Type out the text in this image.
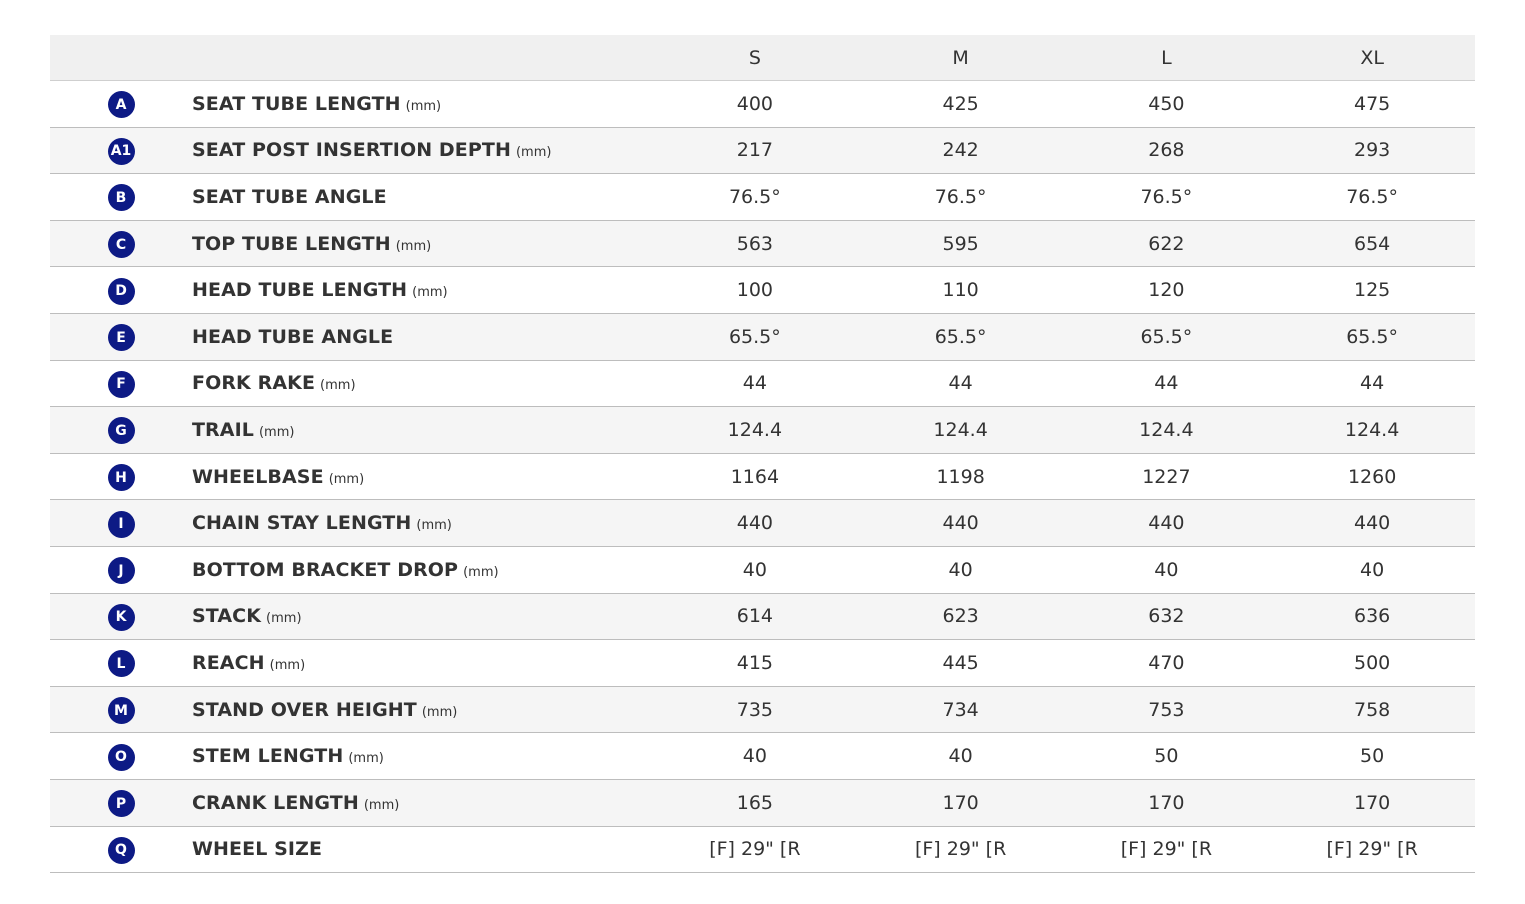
		S	M	L	XL
A	SEAT TUBE LENGTH (mm)	400	425	450	475
A1	SEAT POST INSERTION DEPTH (mm)	217	242	268	293
B	SEAT TUBE ANGLE	76.5°	76.5°	76.5°	76.5°
C	TOP TUBE LENGTH (mm)	563	595	622	654
D	HEAD TUBE LENGTH (mm)	100	110	120	125
E	HEAD TUBE ANGLE	65.5°	65.5°	65.5°	65.5°
F	FORK RAKE (mm)	44	44	44	44
G	TRAIL (mm)	124.4	124.4	124.4	124.4
H	WHEELBASE (mm)	1164	1198	1227	1260
I	CHAIN STAY LENGTH (mm)	440	440	440	440
J	BOTTOM BRACKET DROP (mm)	40	40	40	40
K	STACK (mm)	614	623	632	636
L	REACH (mm)	415	445	470	500
M	STAND OVER HEIGHT (mm)	735	734	753	758
O	STEM LENGTH (mm)	40	40	50	50
P	CRANK LENGTH (mm)	165	170	170	170
Q	WHEEL SIZE	[F] 29" [R	[F] 29" [R	[F] 29" [R	[F] 29" [R
